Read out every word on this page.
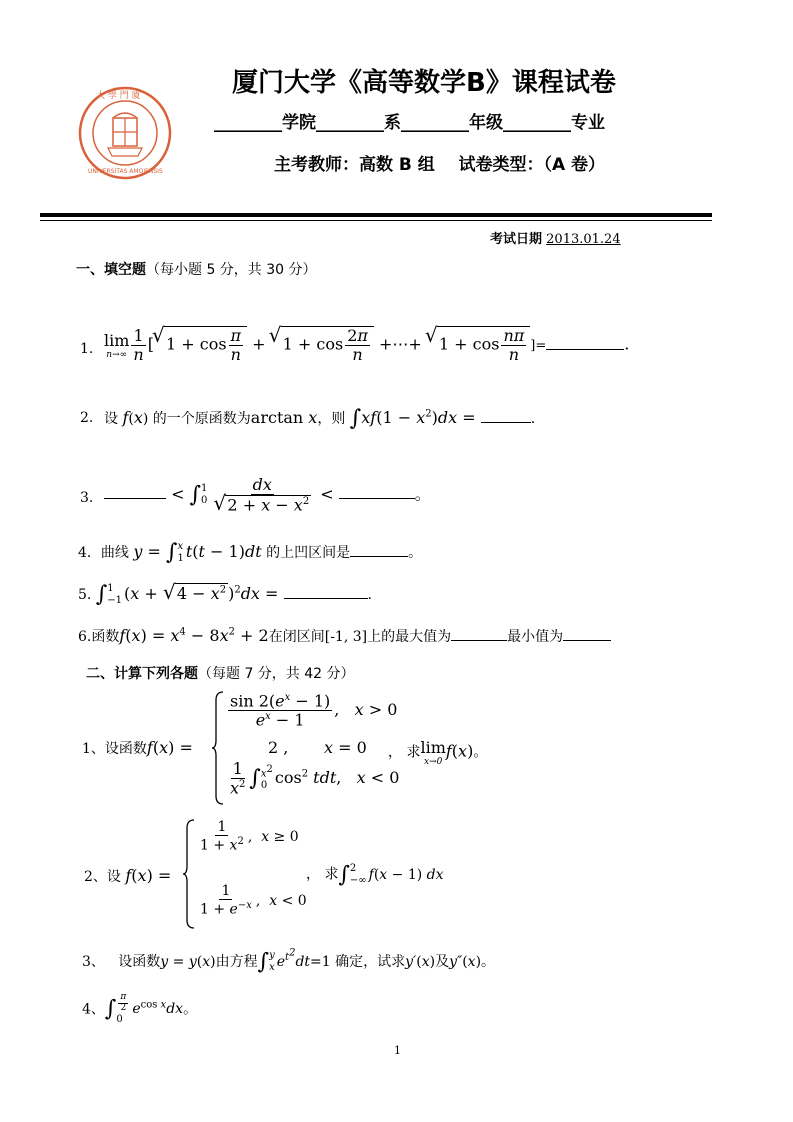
大 學 門 廈
UNIVERSITAS AMOIENSIS
厦门大学《高等数学B》课程试卷
________学院________系________年级________专业
主考教师：高数 B 组 试卷类型：（A 卷）
考试日期 2013.01.24
一、填空题（每小题 5 分，共 30 分）
1. lim
$n\to\infty \frac{1}{n}$ [ √ $1 + \cos \frac{\pi}{n}$ + √ $1 + \cos \frac{2\pi}{n}$ +⋯+ √ $1 + \cos \frac{n\pi}{n}$ ]=	.
2. 设 f(x) 的一个原函数为arctan x，则 $\int xf(1 - x^2)dx$ =	.
3.	< ∫ 1
0 dx
√ $2 + x - x^2$ <	。
4．曲线 y = ∫ x
1 t(t − 1)dt 的上凹区间是	。
5. ∫ 1
−1 (x + √ $4 - x^2$ )$^2$dx =	.
6.函数$f(x) = x^4 - 8x^2 + 2$在闭区间[-1, 3]上的最大值为	最小值为
二、计算下列各题（每题 7 分，共 42 分）
1、设函数f(x) =
$\frac{\sin 2(e^x - 1)}{e^x - 1}$ ,   x > 0
2 ,       x = 0
$\frac{1}{x^2}$ ∫ $x^2$
0 $\cos^2$ tdt,   x < 0
， 求 lim
x→0
f(x)。
2、设 f(x) =
$\frac{1}{1 + x^2}$ ,  x ≥ 0
$\frac{1}{1 + e^{-x}}$ ,  x < 0
， 求∫ 2
−∞ f(x − 1) dx
3、 设函数y = y(x)由方程∫ y
x $e^{t^2}dt=1$ 确定，试求y′(x)及y″(x)。
4、∫ $\frac{\pi}{2}$
0
$e^{cos x}dx$。
1
